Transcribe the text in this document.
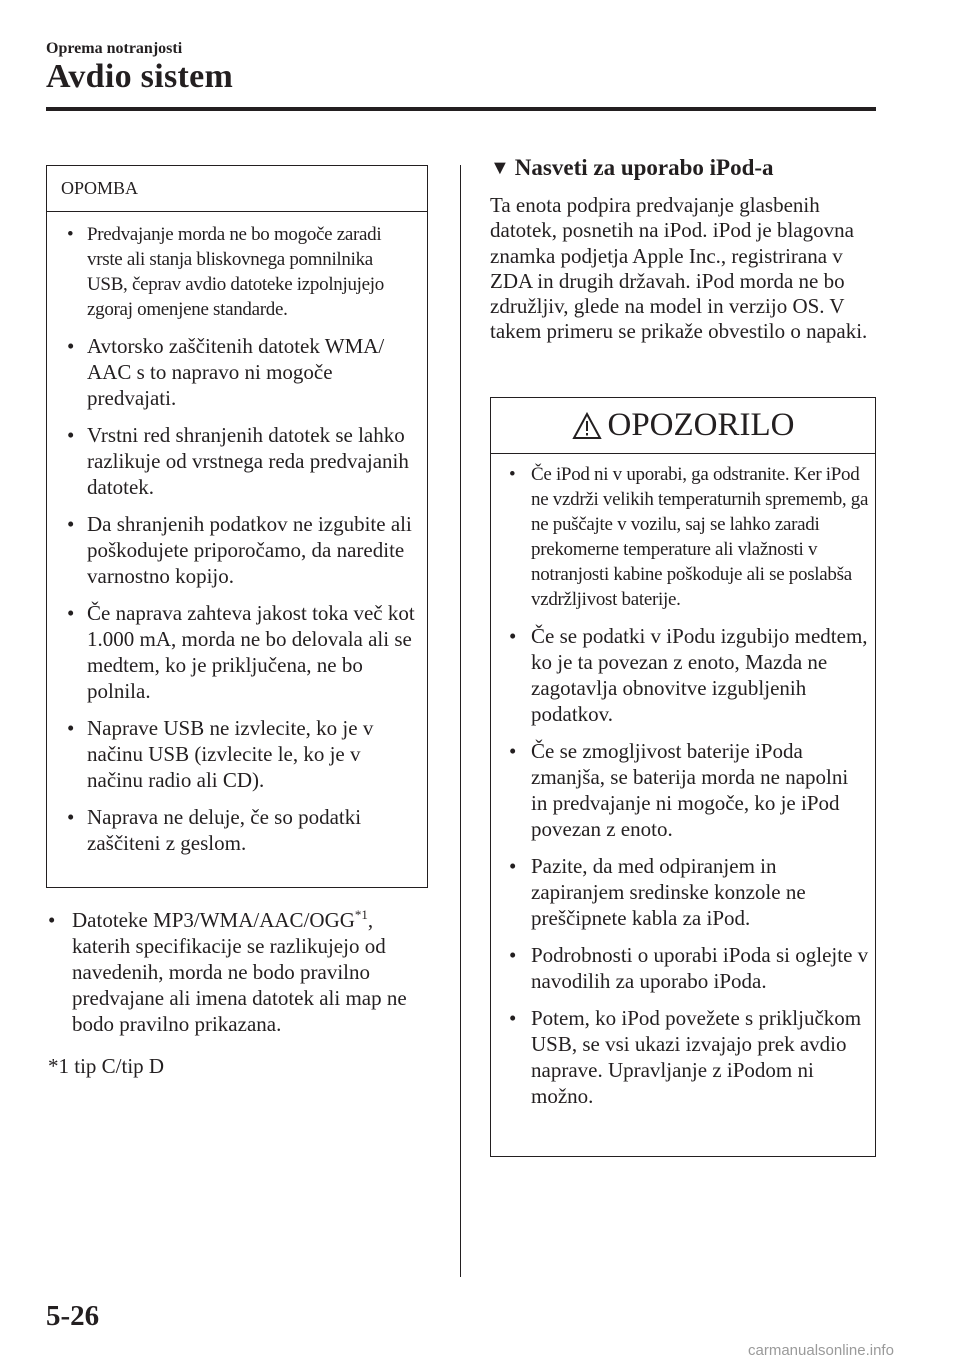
Oprema notranjosti
Avdio sistem
OPOMBA
• Predvajanje morda ne bo mogoče zaradi vrste ali stanja bliskovnega pomnilnika USB, čeprav avdio datoteke izpolnjujejo zgoraj omenjene standarde.
• Avtorsko zaščitenih datotek WMA/ AAC s to napravo ni mogoče predvajati.
• Vrstni red shranjenih datotek se lahko razlikuje od vrstnega reda predvajanih datotek.
• Da shranjenih podatkov ne izgubite ali poškodujete priporočamo, da naredite varnostno kopijo.
• Če naprava zahteva jakost toka več kot 1.000 mA, morda ne bo delovala ali se medtem, ko je priključena, ne bo polnila.
• Naprave USB ne izvlecite, ko je v načinu USB (izvlecite le, ko je v načinu radio ali CD).
• Naprava ne deluje, če so podatki zaščiteni z geslom.
• Datoteke MP3/WMA/AAC/OGG$^{*1}$, katerih specifikacije se razlikujejo od navedenih, morda ne bodo pravilno predvajane ali imena datotek ali map ne bodo pravilno prikazana.
*1 tip C/tip D
▼ Nasveti za uporabo iPod-a
Ta enota podpira predvajanje glasbenih datotek, posnetih na iPod. iPod je blagovna znamka podjetja Apple Inc., registrirana v ZDA in drugih državah. iPod morda ne bo združljiv, glede na model in verzijo OS. V takem primeru se prikaže obvestilo o napaki.
OPOZORILO
• Če iPod ni v uporabi, ga odstranite. Ker iPod ne vzdrži velikih temperaturnih sprememb, ga ne puščajte v vozilu, saj se lahko zaradi prekomerne temperature ali vlažnosti v notranjosti kabine poškoduje ali se poslabša vzdržljivost baterije.
• Če se podatki v iPodu izgubijo medtem, ko je ta povezan z enoto, Mazda ne zagotavlja obnovitve izgubljenih podatkov.
• Če se zmogljivost baterije iPoda zmanjša, se baterija morda ne napolni in predvajanje ni mogoče, ko je iPod povezan z enoto.
• Pazite, da med odpiranjem in zapiranjem sredinske konzole ne preščipnete kabla za iPod.
• Podrobnosti o uporabi iPoda si oglejte v navodilih za uporabo iPoda.
• Potem, ko iPod povežete s priključkom USB, se vsi ukazi izvajajo prek avdio naprave. Upravljanje z iPodom ni možno.
5-26
carmanualsonline.info
